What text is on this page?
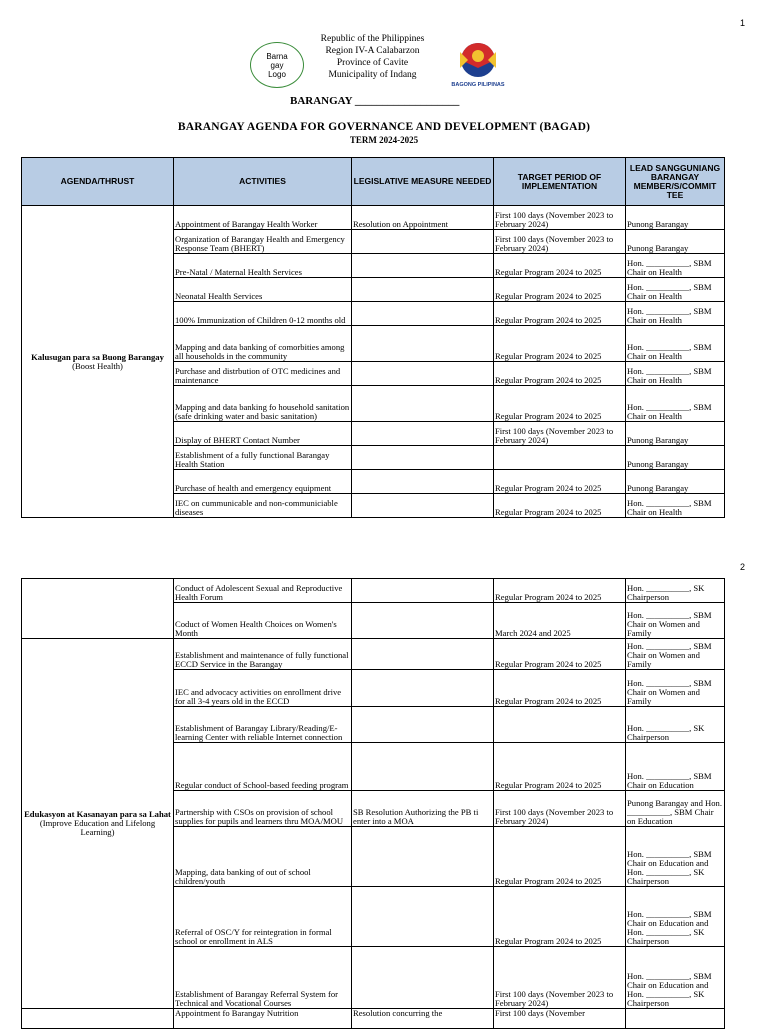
1
2
Barna gay Logo
Republic of the Philippines
Region IV-A Calabarzon
Province of Cavite
Municipality of Indang
BAGONG PILIPINAS
BARANGAY ___________________
BARANGAY AGENDA FOR GOVERNANCE AND DEVELOPMENT (BAGAD)
TERM 2024-2025
AGENDA/THRUST	ACTIVITIES	LEGISLATIVE MEASURE NEEDED	TARGET PERIOD OF IMPLEMENTATION	LEAD SANGGUNIANG BARANGAY MEMBER/S/COMMIT TEE
Kalusugan para sa Buong Barangay (Boost Health)	Appointment of Barangay Health Worker	Resolution on Appointment	First 100 days (November 2023 to February 2024)	Punong Barangay
	Organization of Barangay Health and Emergency Response Team (BHERT)		First 100 days (November 2023 to February 2024)	Punong Barangay
	Pre-Natal / Maternal Health Services		Regular Program 2024 to 2025	Hon. __________, SBM Chair on Health
	Neonatal Health Services		Regular Program 2024 to 2025	Hon. __________, SBM Chair on Health
	100% Immunization of Children 0-12 months old		Regular Program 2024 to 2025	Hon. __________, SBM Chair on Health
	Mapping and data banking of comorbities among all households in the community		Regular Program 2024 to 2025	Hon. __________, SBM Chair on Health
	Purchase and distrbution of OTC medicines and maintenance		Regular Program 2024 to 2025	Hon. __________, SBM Chair on Health
	Mapping and data banking fo household sanitation (safe drinking water and basic sanitation)		Regular Program 2024 to 2025	Hon. __________, SBM Chair on Health
	Display of BHERT Contact Number		First 100 days (November 2023 to February 2024)	Punong Barangay
	Establishment of a fully functional Barangay Health Station			Punong Barangay
	Purchase of health and emergency equipment		Regular Program 2024 to 2025	Punong Barangay
	IEC on cummunicable and non-communiciable diseases		Regular Program 2024 to 2025	Hon. __________, SBM Chair on Health
	Conduct of Adolescent Sexual and Reproductive Health Forum		Regular Program 2024 to 2025	Hon. __________, SK Chairperson
	Coduct of Women Health Choices on Women's Month		March 2024 and 2025	Hon. __________, SBM Chair on Women and Family
Edukasyon at Kasanayan para sa Lahat (Improve Education and Lifelong Learning)	Establishment and maintenance of fully functional ECCD Service in the Barangay		Regular Program 2024 to 2025	Hon. __________, SBM Chair on Women and Family
	IEC and advocacy activities on enrollment drive for all 3-4 years old in the ECCD		Regular Program 2024 to 2025	Hon. __________, SBM Chair on Women and Family
	Establishment of Barangay Library/Reading/E-learning Center with reliable Internet connection			Hon. __________, SK Chairperson
	Regular conduct of School-based feeding program		Regular Program 2024 to 2025	Hon. __________, SBM Chair on Education
	Partnership with CSOs on provision of school supplies for pupils and learners thru MOA/MOU	SB Resolution Authorizing the PB ti enter into a MOA	First 100 days (November 2023 to February 2024)	Punong Barangay and Hon. __________, SBM Chair on Education
	Mapping, data banking of out of school children/youth		Regular Program 2024 to 2025	Hon. __________, SBM Chair on Education and Hon. __________, SK Chairperson
	Referral of OSC/Y for reintegration in formal school or enrollment in ALS		Regular Program 2024 to 2025	Hon. __________, SBM Chair on Education and Hon. __________, SK Chairperson
	Establishment of Barangay Referral System for Technical and Vocational Courses		First 100 days (November 2023 to February 2024)	Hon. __________, SBM Chair on Education and Hon. __________, SK Chairperson
	Appointment fo Barangay Nutrition	Resolution concurring the	First 100 days (November	
